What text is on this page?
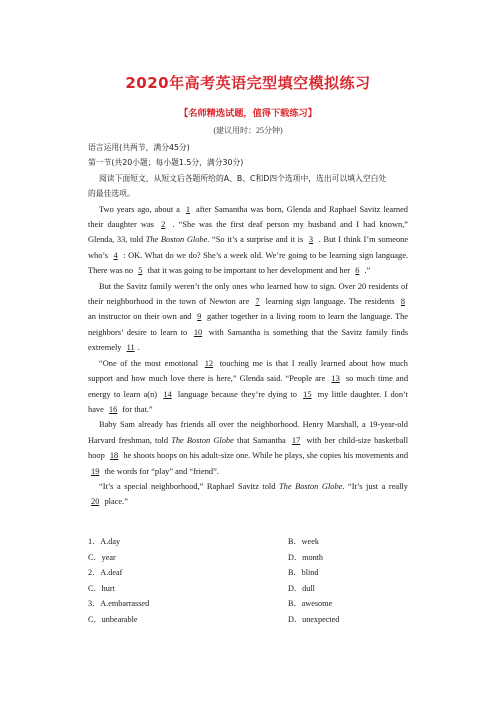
2020年高考英语完型填空模拟练习
【名师精选试题，值得下载练习】
(建议用时：25分钟)
语言运用(共两节，满分45分)
第一节(共20小题；每小题1.5分，满分30分)
阅读下面短文，从短文后各题所给的A、B、C和D四个选项中，选出可以填入空白处
的最佳选项。
Two years ago, about a 1 after Samantha was born, Glenda and Raphael Savitz learned
their daughter was 2 . “She was the first deaf person my husband and I had known,”
Glenda, 33, told The Boston Globe. “So it’s a surprise and it is 3 . But I think I’m someone
who’s 4 : OK. What do we do? She’s a week old. We’re going to be learning sign language.
There was no 5 that it was going to be important to her development and her 6 .”
But the Savitz family weren’t the only ones who learned how to sign. Over 20 residents of
their neighborhood in the town of Newton are 7 learning sign language. The residents 8
an instructor on their own and 9 gather together in a living room to learn the language. The
neighbors’ desire to learn to 10 with Samantha is something that the Savitz family finds
extremely 11 .
“One of the most emotional 12 touching me is that I really learned about how much
support and how much love there is here,” Glenda said. “People are 13 so much time and
energy to learn a(n) 14 language because they’re dying to 15 my little daughter. I don’t
have 16 for that.”
Baby Sam already has friends all over the neighborhood. Henry Marshall, a 19-year-old
Harvard freshman, told The Boston Globe that Samantha 17 with her child-size basketball
hoop 18 he shoots hoops on his adult-size one. While he plays, she copies his movements and
19 the words for “play” and “friend”.
“It’s a special neighborhood,” Raphael Savitz told The Boston Globe. “It’s just a really
20 place.”
1．A.day	B．week
C．year	D．month
2．A.deaf	B．blind
C．hurt	D．dull
3．A.embarrassed	B．awesome
C．unbearable	D．unexpected
